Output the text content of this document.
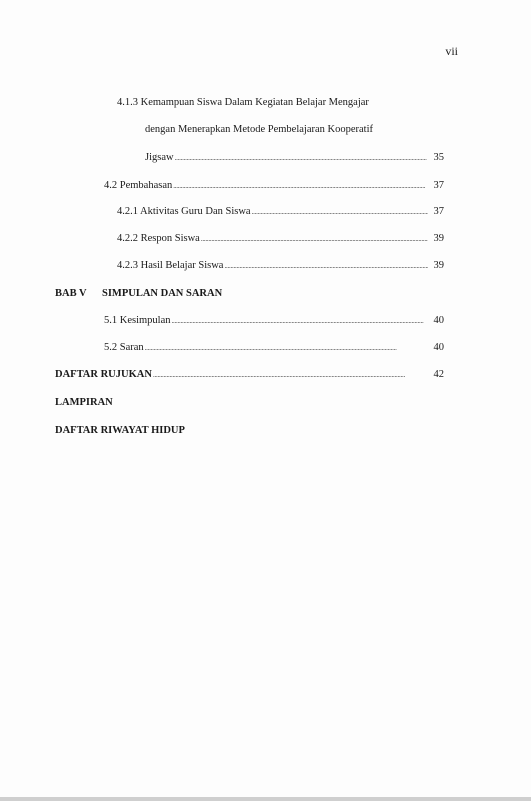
vii
4.1.3 Kemampuan Siswa Dalam Kegiatan Belajar Mengajar
dengan Menerapkan Metode Pembelajaran Kooperatif
Jigsaw . . .	35
4.2 Pembahasan . . .	37
4.2.1 Aktivitas Guru Dan Siswa . . .	37
4.2.2 Respon Siswa . . .	39
4.2.3 Hasil Belajar Siswa . . .	39
BAB V SIMPULAN DAN SARAN
5.1 Kesimpulan . . .	40
5.2 Saran . . .	40
DAFTAR RUJUKAN . . .	42
LAMPIRAN
DAFTAR RIWAYAT HIDUP
